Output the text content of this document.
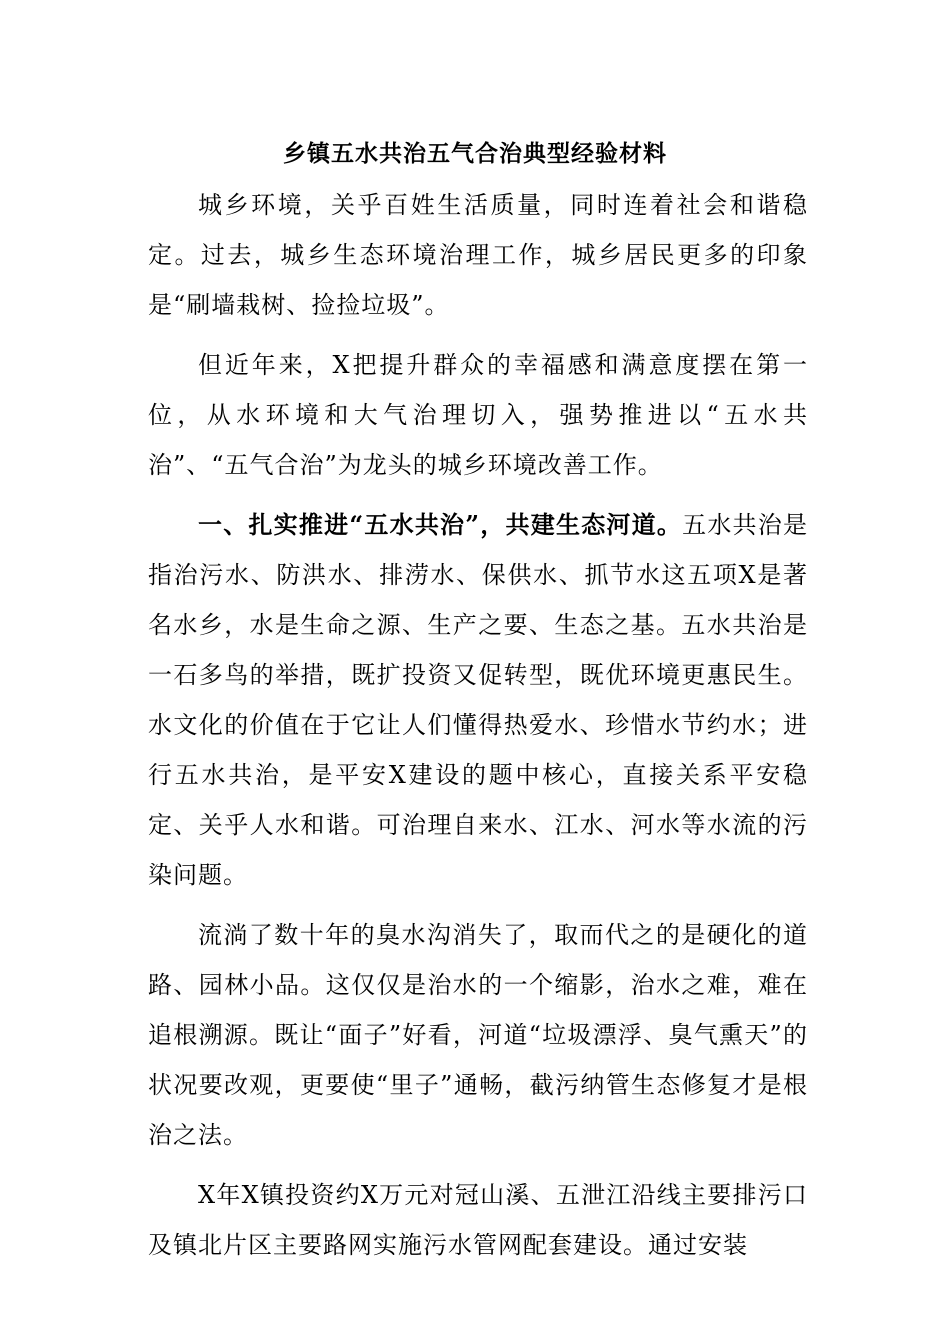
乡镇五水共治五气合治典型经验材料

城乡环境，关乎百姓生活质量，同时连着社会和谐稳定。过去，城乡生态环境治理工作，城乡居民更多的印象是“刷墙栽树、捡捡垃圾”。

但近年来，X把提升群众的幸福感和满意度摆在第一位，从水环境和大气治理切入，强势推进以“五水共治”、“五气合治”为龙头的城乡环境改善工作。

一、扎实推进“五水共治”，共建生态河道。五水共治是指治污水、防洪水、排涝水、保供水、抓节水这五项X是著名水乡，水是生命之源、生产之要、生态之基。五水共治是一石多鸟的举措，既扩投资又促转型，既优环境更惠民生。水文化的价值在于它让人们懂得热爱水、珍惜水节约水；进行五水共治，是平安X建设的题中核心，直接关系平安稳定、关乎人水和谐。可治理自来水、江水、河水等水流的污染问题。

流淌了数十年的臭水沟消失了，取而代之的是硬化的道路、园林小品。这仅仅是治水的一个缩影，治水之难，难在追根溯源。既让“面子”好看，河道“垃圾漂浮、臭气熏天”的状况要改观，更要使“里子”通畅，截污纳管生态修复才是根治之法。

X年X镇投资约X万元对冠山溪、五泄江沿线主要排污口及镇北片区主要路网实施污水管网配套建设。通过安装
